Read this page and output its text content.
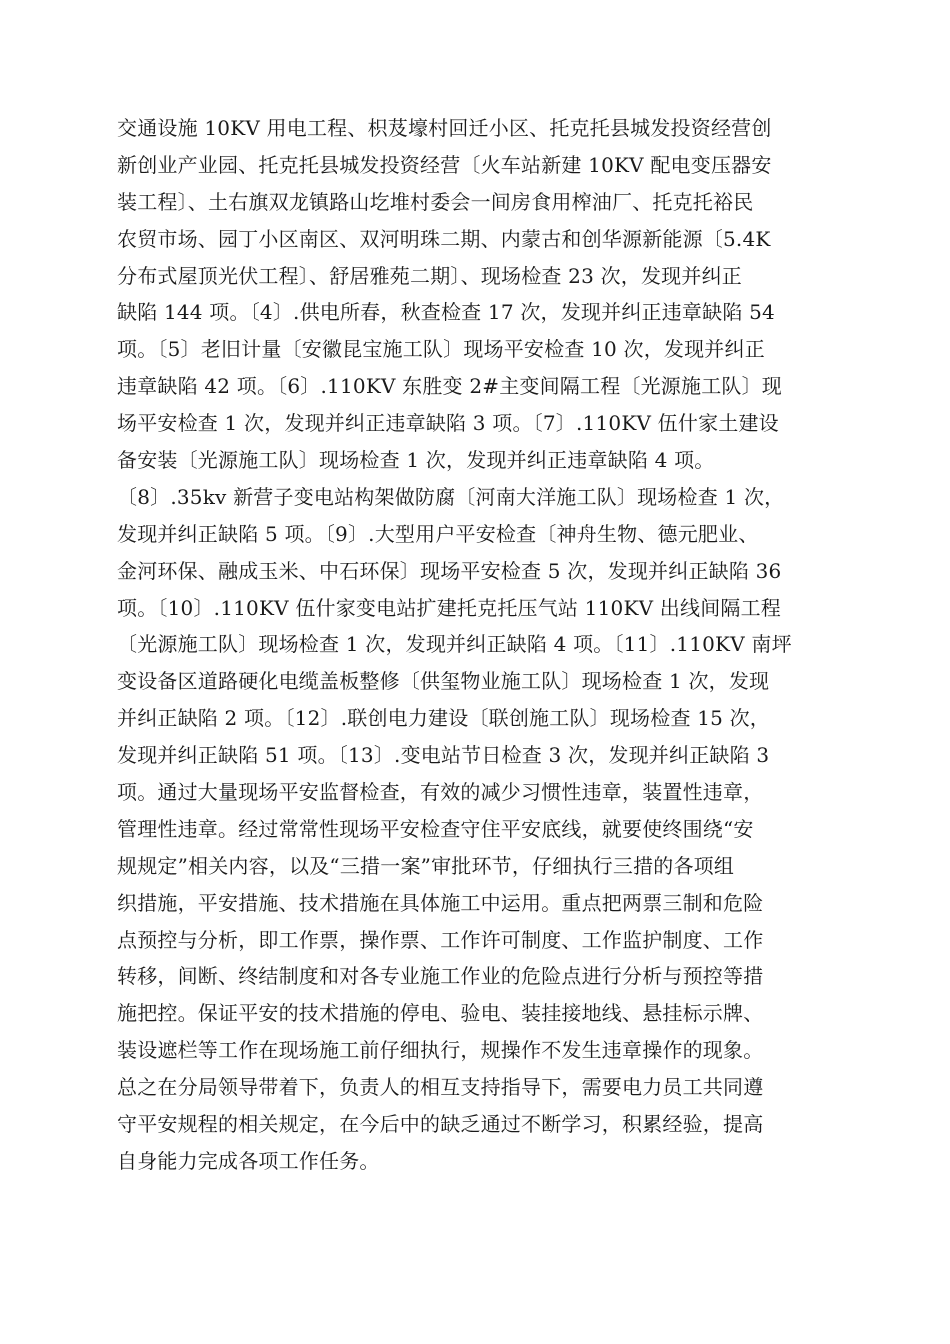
交通设施 10KV 用电工程、枳芨壕村回迁小区、托克托县城发投资经营创
新创业产业园、托克托县城发投资经营〔火车站新建 10KV 配电变压器安
装工程〕、土右旗双龙镇路山圪堆村委会一间房食用榨油厂、托克托裕民
农贸市场、园丁小区南区、双河明珠二期、内蒙古和创华源新能源〔5.4K
分布式屋顶光伏工程〕、舒居雅苑二期〕、现场检查 23 次，发现并纠正
缺陷 144 项。〔4〕.供电所春，秋查检查 17 次，发现并纠正违章缺陷 54
项。〔5〕老旧计量〔安徽昆宝施工队〕现场平安检查 10 次，发现并纠正
违章缺陷 42 项。〔6〕.110KV 东胜变 2#主变间隔工程〔光源施工队〕现
场平安检查 1 次，发现并纠正违章缺陷 3 项。〔7〕.110KV 伍什家土建设
备安装〔光源施工队〕现场检查 1 次，发现并纠正违章缺陷 4 项。
〔8〕.35kv 新营子变电站构架做防腐〔河南大洋施工队〕现场检查 1 次，
发现并纠正缺陷 5 项。〔9〕.大型用户平安检查〔神舟生物、德元肥业、
金河环保、融成玉米、中石环保〕现场平安检查 5 次，发现并纠正缺陷 36
项。〔10〕.110KV 伍什家变电站扩建托克托压气站 110KV 出线间隔工程
〔光源施工队〕现场检查 1 次，发现并纠正缺陷 4 项。〔11〕.110KV 南坪
变设备区道路硬化电缆盖板整修〔供玺物业施工队〕现场检查 1 次，发现
并纠正缺陷 2 项。〔12〕.联创电力建设〔联创施工队〕现场检查 15 次，
发现并纠正缺陷 51 项。〔13〕.变电站节日检查 3 次，发现并纠正缺陷 3
项。通过大量现场平安监督检查，有效的减少习惯性违章，装置性违章，
管理性违章。经过常常性现场平安检查守住平安底线，就要使终围绕“安
规规定”相关内容，以及“三措一案”审批环节，仔细执行三措的各项组
织措施，平安措施、技术措施在具体施工中运用。重点把两票三制和危险
点预控与分析，即工作票，操作票、工作许可制度、工作监护制度、工作
转移，间断、终结制度和对各专业施工作业的危险点进行分析与预控等措
施把控。保证平安的技术措施的停电、验电、装挂接地线、悬挂标示牌、
装设遮栏等工作在现场施工前仔细执行，规操作不发生违章操作的现象。
总之在分局领导带着下，负责人的相互支持指导下，需要电力员工共同遵
守平安规程的相关规定，在今后中的缺乏通过不断学习，积累经验，提高
自身能力完成各项工作任务。
